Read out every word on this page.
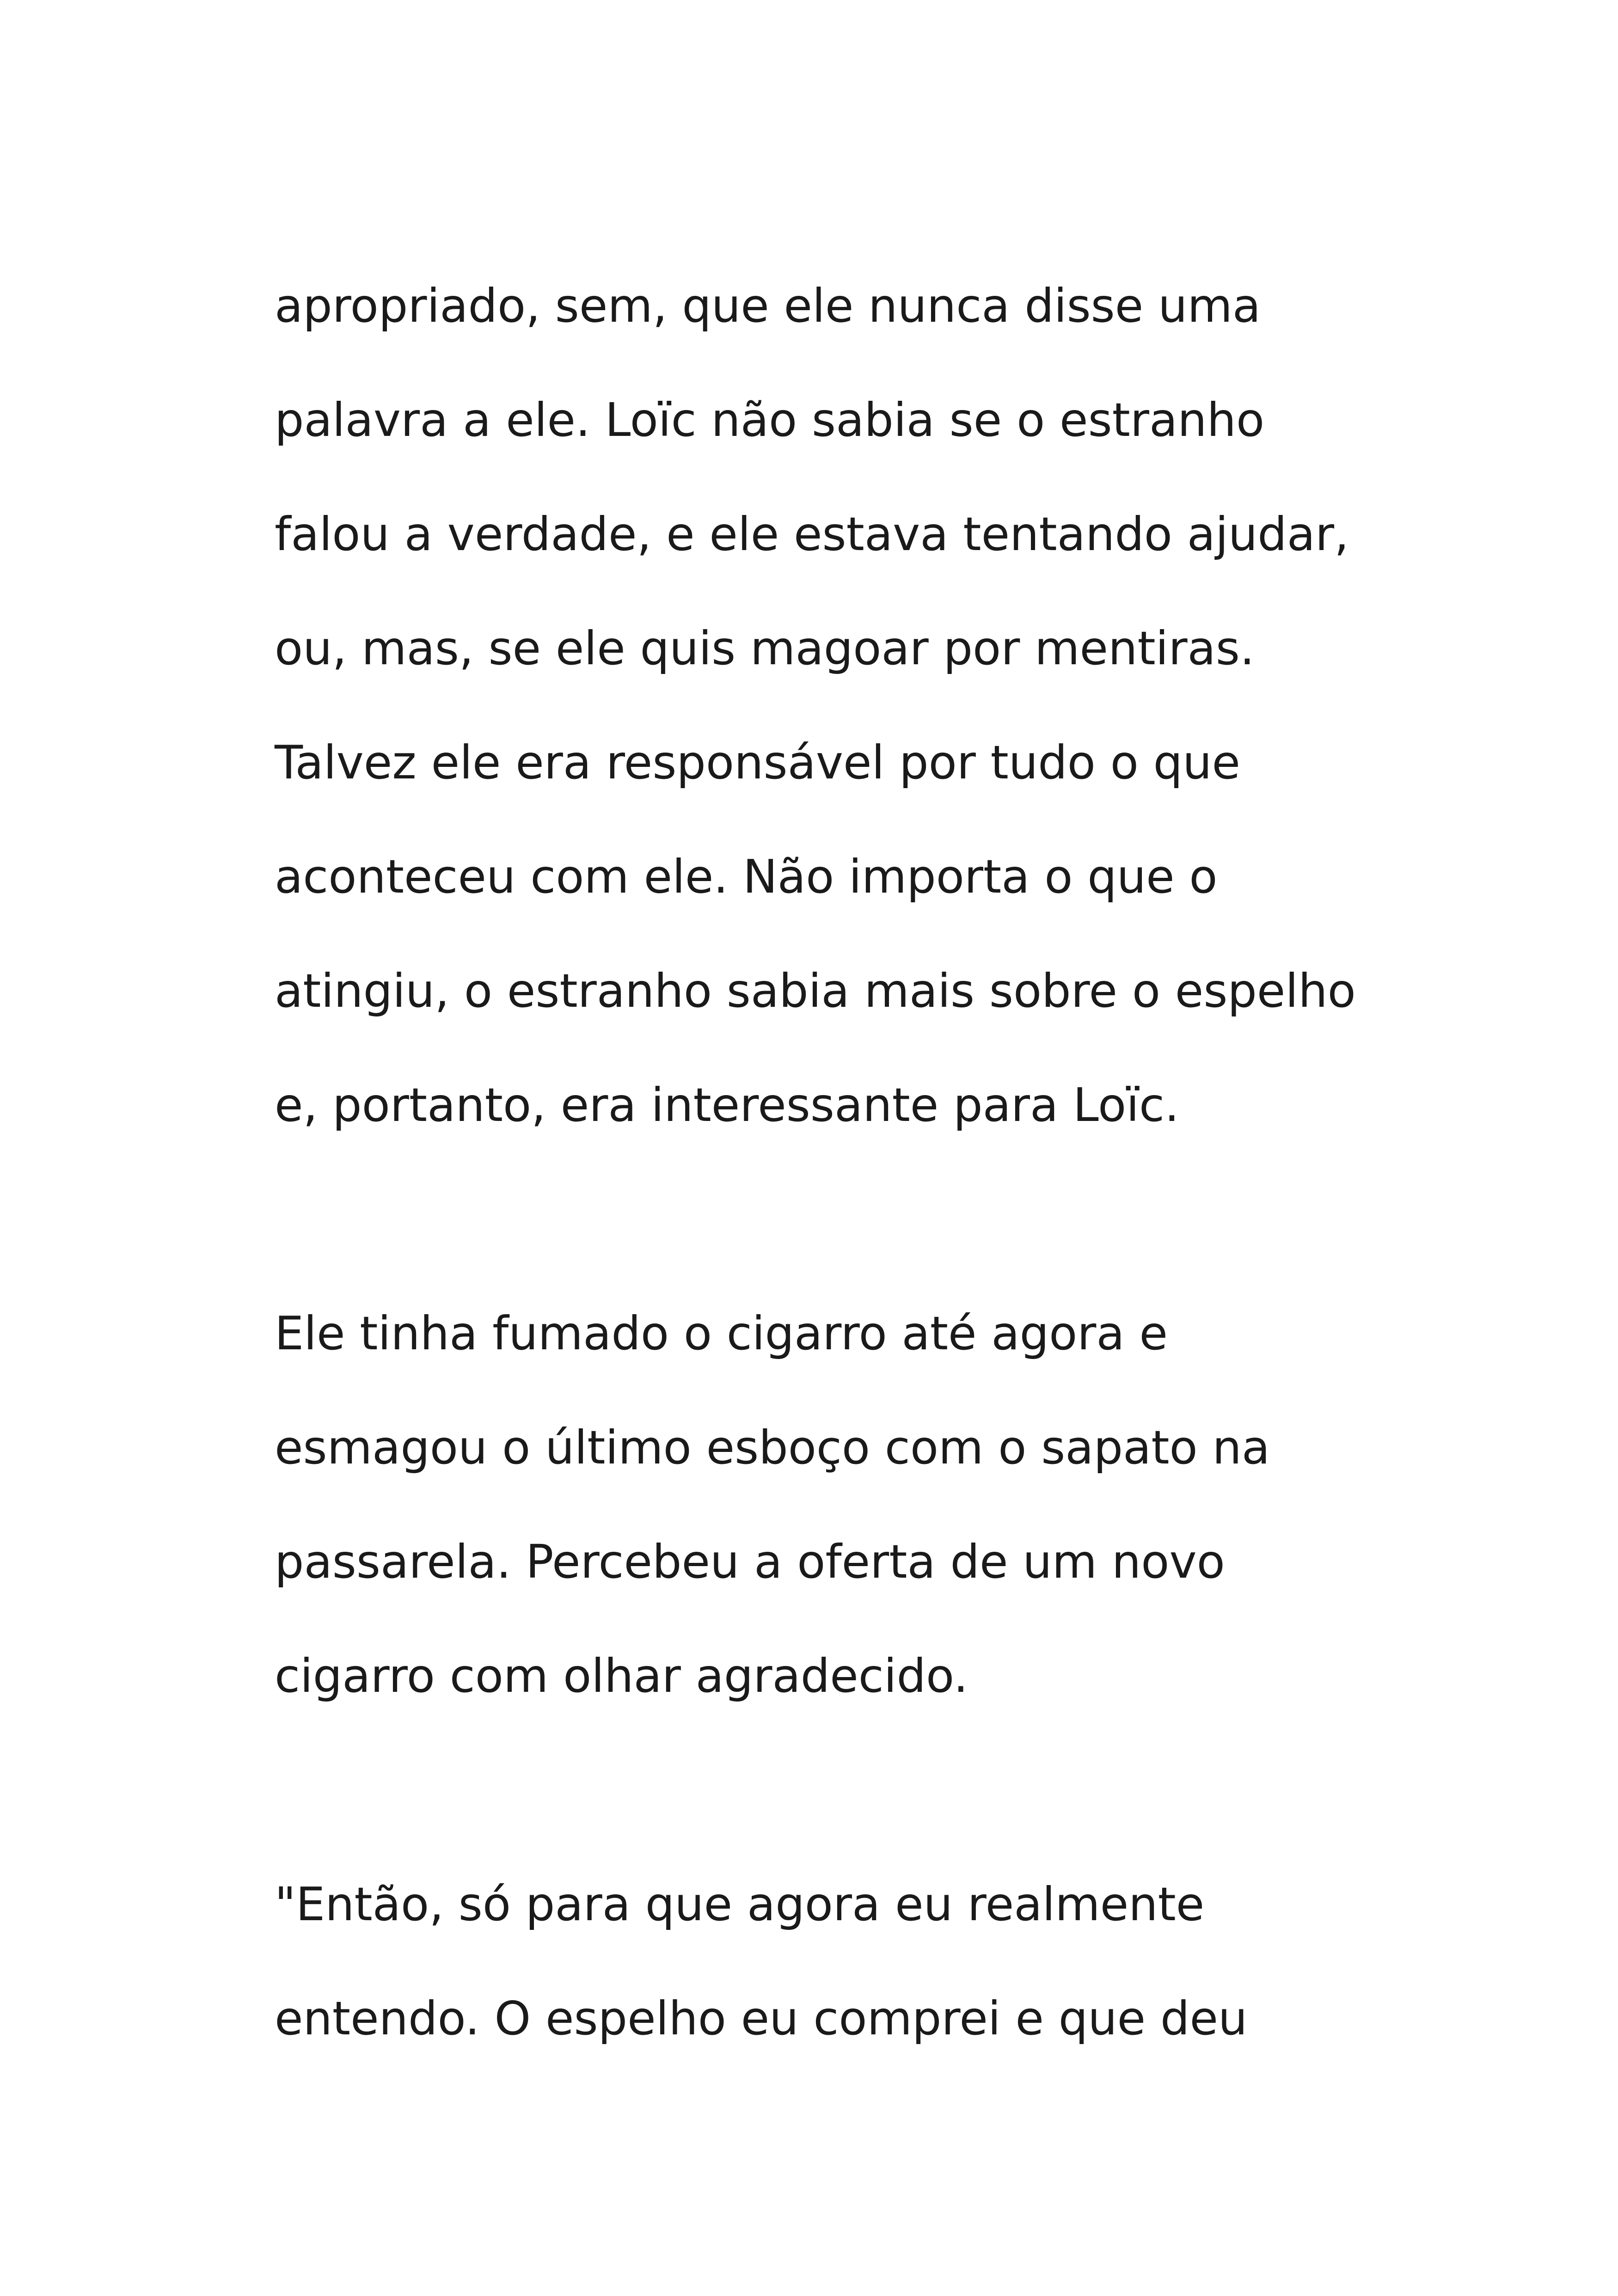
apropriado, sem, que ele nunca disse uma

palavra a ele. Loïc não sabia se o estranho

falou a verdade, e ele estava tentando ajudar,

ou, mas, se ele quis magoar por mentiras.

Talvez ele era responsável por tudo o que

aconteceu com ele. Não importa o que o

atingiu, o estranho sabia mais sobre o espelho

e, portanto, era interessante para Loïc.

Ele tinha fumado o cigarro até agora e

esmagou o último esboço com o sapato na

passarela. Percebeu a oferta de um novo

cigarro com olhar agradecido.

"Então, só para que agora eu realmente

entendo. O espelho eu comprei e que deu
